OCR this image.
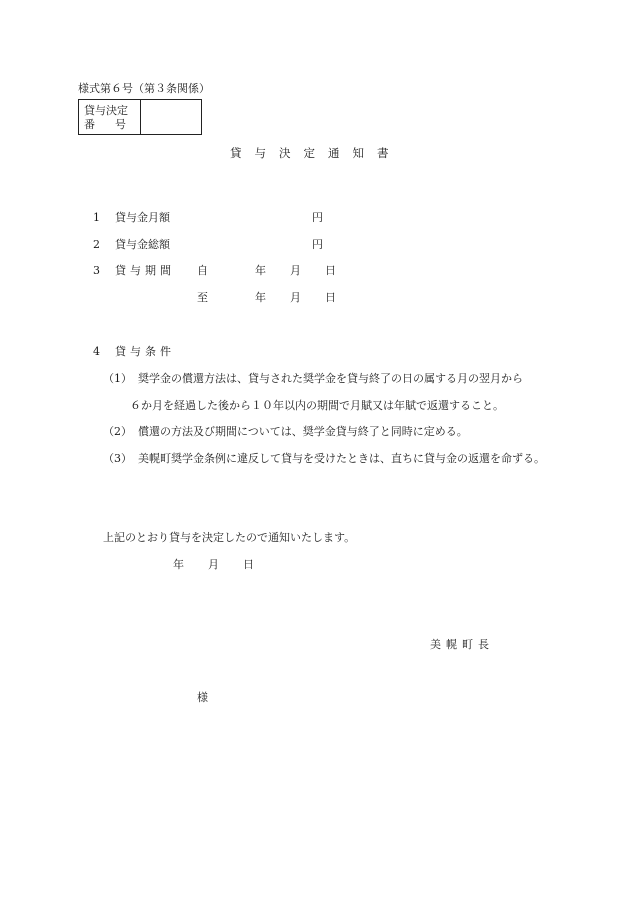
様式第６号（第３条関係）
貸与決定
番号
貸与決定通知書
1 貸与金月額	円
2 貸与金総額	円
3 貸与期間 自	年 月 日
至	年 月 日
4 貸与条件
（1） 奨学金の償還方法は、貸与された奨学金を貸与終了の日の属する月の翌月から
６か月を経過した後から１０年以内の期間で月賦又は年賦で返還すること。
（2） 償還の方法及び期間については、奨学金貸与終了と同時に定める。
（3） 美幌町奨学金条例に違反して貸与を受けたときは、直ちに貸与金の返還を命ずる。
上記のとおり貸与を決定したので通知いたします。
年 月 日
美幌町長
様
